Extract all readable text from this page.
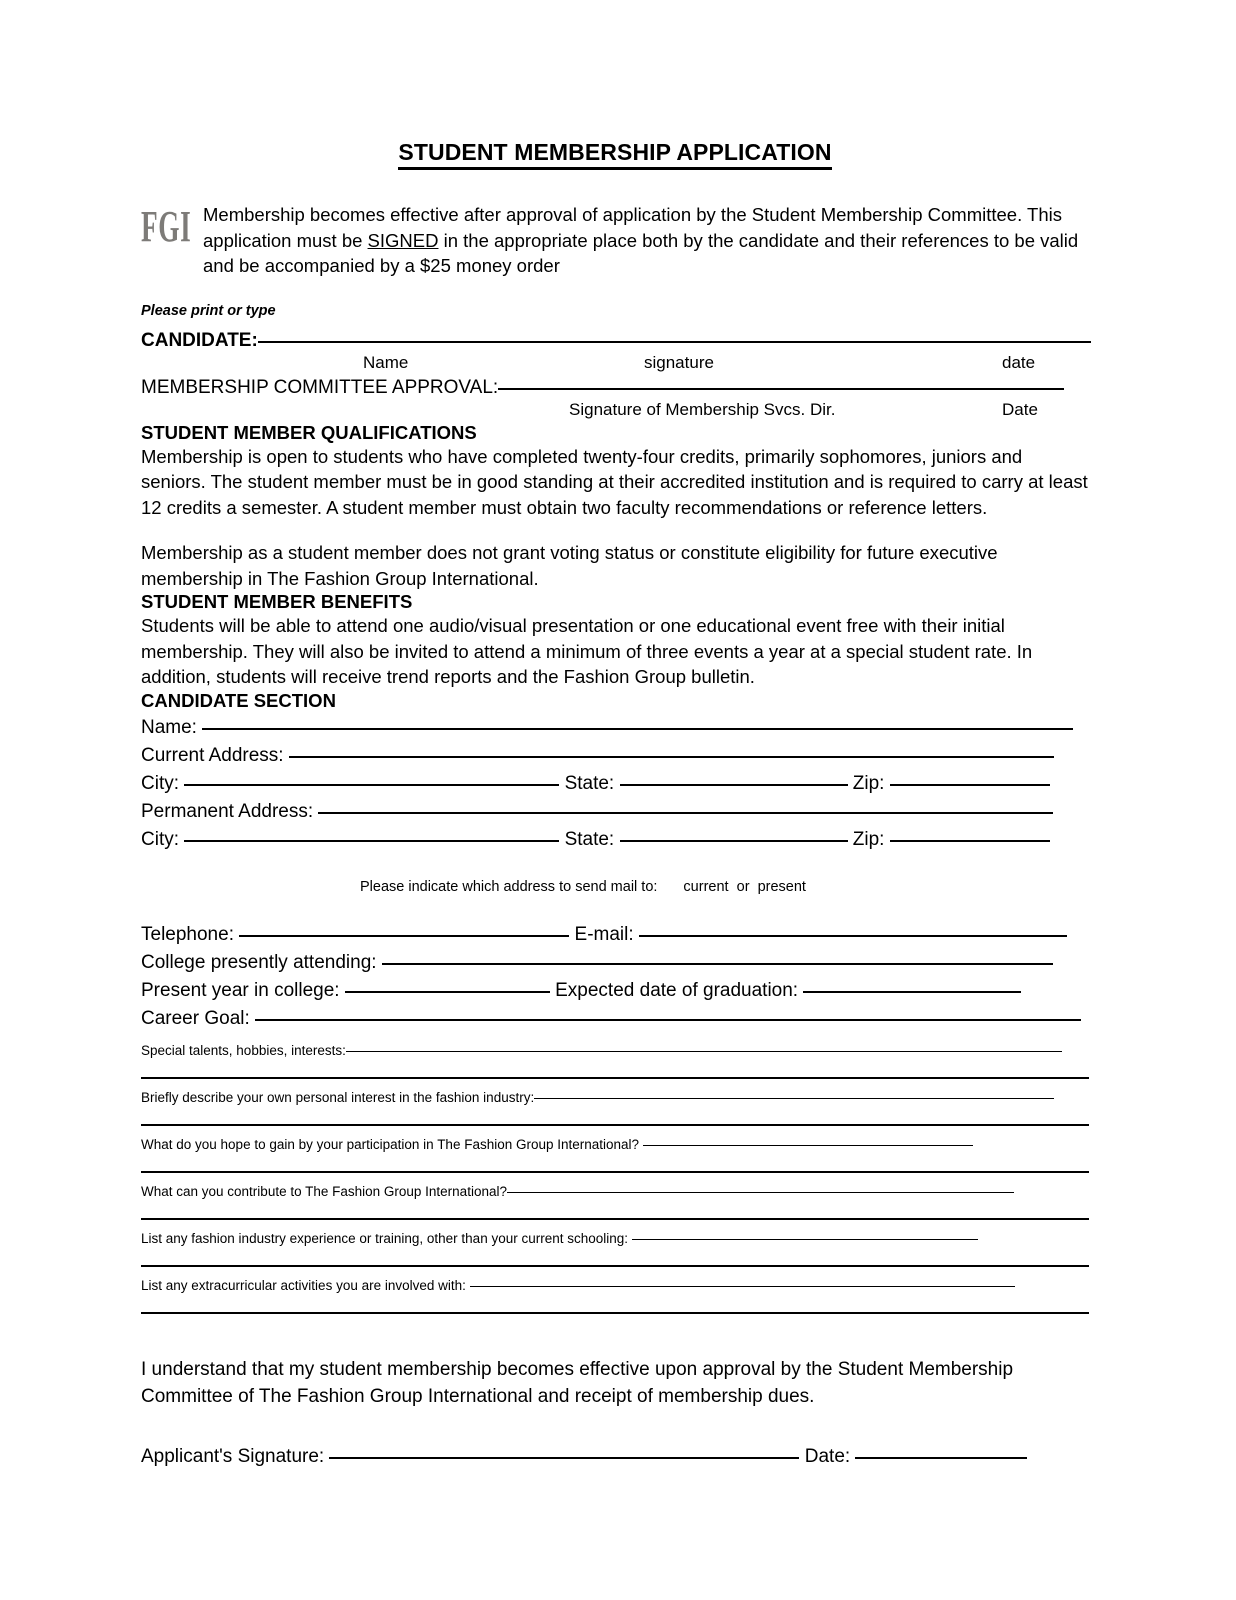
STUDENT MEMBERSHIP APPLICATION
FGI Membership becomes effective after approval of application by the Student Membership Committee. This application must be SIGNED in the appropriate place both by the candidate and their references to be valid and be accompanied by a $25 money order
Please print or type
CANDIDATE:
Name	signature	date
MEMBERSHIP COMMITTEE APPROVAL:
Signature of Membership Svcs. Dir.	Date
STUDENT MEMBER QUALIFICATIONS

Membership is open to students who have completed twenty-four credits, primarily sophomores, juniors and seniors. The student member must be in good standing at their accredited institution and is required to carry at least 12 credits a semester. A student member must obtain two faculty recommendations or reference letters.

Membership as a student member does not grant voting status or constitute eligibility for future executive membership in The Fashion Group International.

STUDENT MEMBER BENEFITS

Students will be able to attend one audio/visual presentation or one educational event free with their initial membership. They will also be invited to attend a minimum of three events a year at a special student rate. In addition, students will receive trend reports and the Fashion Group bulletin.

CANDIDATE SECTION
Name:
Current Address:
City:	State:	Zip:
Permanent Address:
City:	State:	Zip:
Please indicate which address to send mail to: current or present
Telephone:	E-mail:
College presently attending:
Present year in college:	Expected date of graduation:
Career Goal:
Special talents, hobbies, interests:
Briefly describe your own personal interest in the fashion industry:
What do you hope to gain by your participation in The Fashion Group International?
What can you contribute to The Fashion Group International?
List any fashion industry experience or training, other than your current schooling:
List any extracurricular activities you are involved with:

I understand that my student membership becomes effective upon approval by the Student Membership Committee of The Fashion Group International and receipt of membership dues.

Applicant's Signature:	Date:
